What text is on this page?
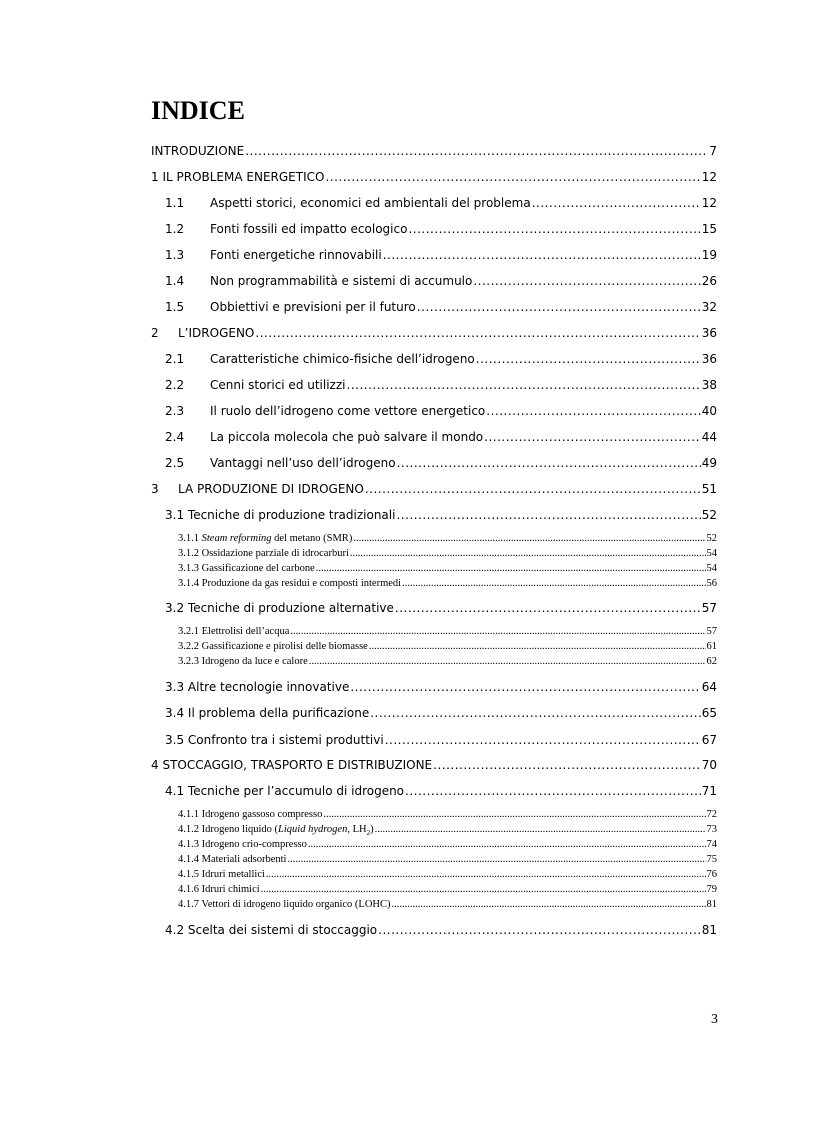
INDICE
INTRODUZIONE .....	7
1 IL PROBLEMA ENERGETICO .....	12
1.1	Aspetti storici, economici ed ambientali del problema .....	12
1.2	Fonti fossili ed impatto ecologico .....	15
1.3	Fonti energetiche rinnovabili .....	19
1.4	Non programmabilità e sistemi di accumulo .....	26
1.5	Obbiettivi e previsioni per il futuro .....	32
2	L’IDROGENO .....	36
2.1	Caratteristiche chimico-fisiche dell’idrogeno .....	36
2.2	Cenni storici ed utilizzi .....	38
2.3	Il ruolo dell’idrogeno come vettore energetico .....	40
2.4	La piccola molecola che può salvare il mondo .....	44
2.5	Vantaggi nell’uso dell’idrogeno .....	49
3	LA PRODUZIONE DI IDROGENO .....	51
3.1 Tecniche di produzione tradizionali .....	52
3.1.1 Steam reforming del metano (SMR) .....	52
3.1.2 Ossidazione parziale di idrocarburi .....	54
3.1.3 Gassificazione del carbone .....	54
3.1.4 Produzione da gas residui e composti intermedi .....	56
3.2 Tecniche di produzione alternative .....	57
3.2.1 Elettrolisi dell’acqua .....	57
3.2.2 Gassificazione e pirolisi delle biomasse .....	61
3.2.3 Idrogeno da luce e calore .....	62
3.3 Altre tecnologie innovative .....	64
3.4 Il problema della purificazione .....	65
3.5 Confronto tra i sistemi produttivi .....	67
4 STOCCAGGIO, TRASPORTO E DISTRIBUZIONE .....	70
4.1 Tecniche per l’accumulo di idrogeno .....	71
4.1.1 Idrogeno gassoso compresso .....	72
4.1.2 Idrogeno liquido (Liquid hydrogen, $LH_2$) .....	73
4.1.3 Idrogeno crio-compresso .....	74
4.1.4 Materiali adsorbenti .....	75
4.1.5 Idruri metallici .....	76
4.1.6 Idruri chimici .....	79
4.1.7 Vettori di idrogeno liquido organico (LOHC) .....	81
4.2 Scelta dei sistemi di stoccaggio .....	81
3
